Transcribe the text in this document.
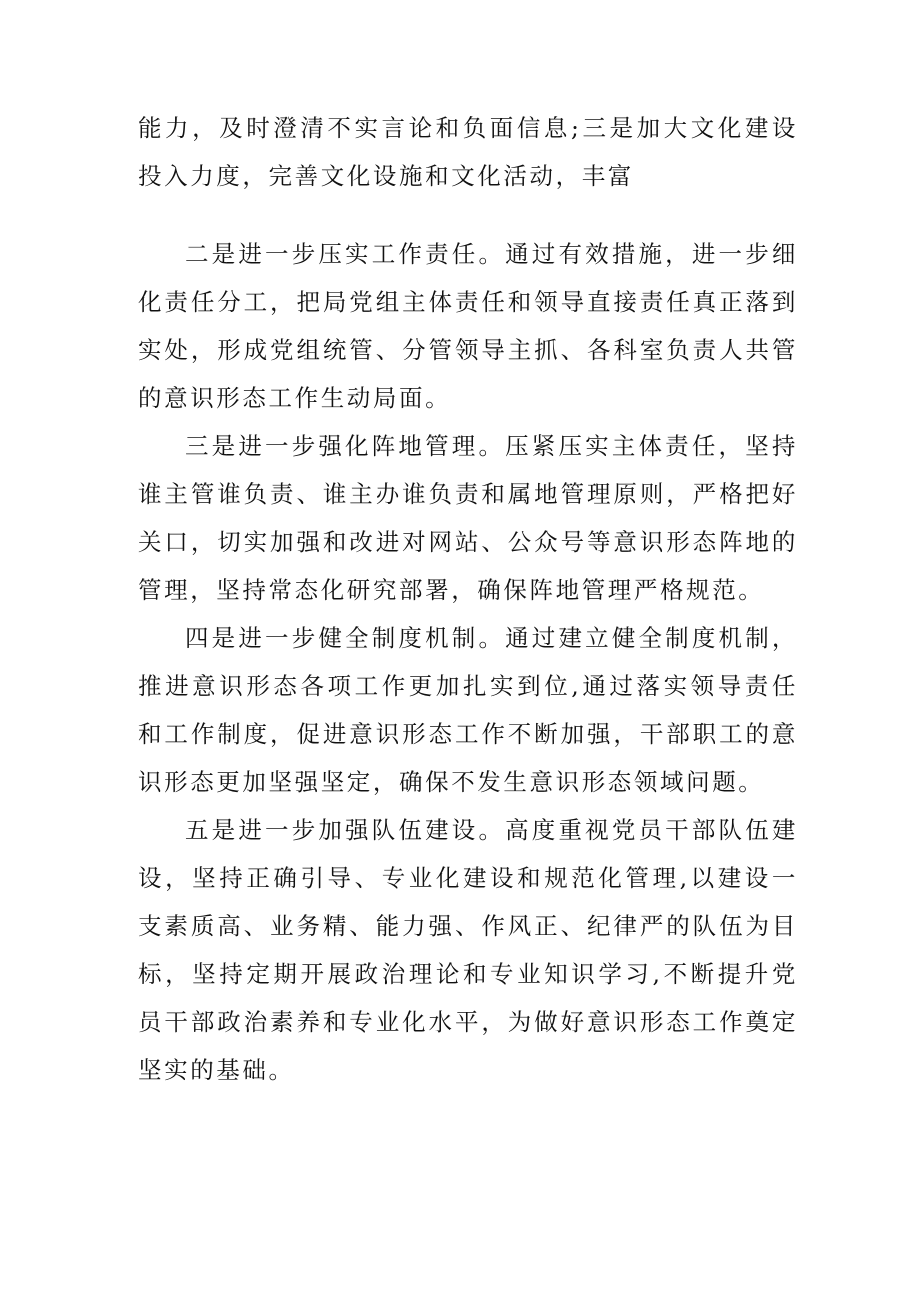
能力，及时澄清不实言论和负面信息;三是加大文化建设投入力度，完善文化设施和文化活动，丰富

二是进一步压实工作责任。通过有效措施，进一步细化责任分工，把局党组主体责任和领导直接责任真正落到实处，形成党组统管、分管领导主抓、各科室负责人共管的意识形态工作生动局面。

三是进一步强化阵地管理。压紧压实主体责任，坚持谁主管谁负责、谁主办谁负责和属地管理原则，严格把好关口，切实加强和改进对网站、公众号等意识形态阵地的管理，坚持常态化研究部署，确保阵地管理严格规范。

四是进一步健全制度机制。通过建立健全制度机制，推进意识形态各项工作更加扎实到位,通过落实领导责任和工作制度，促进意识形态工作不断加强，干部职工的意识形态更加坚强坚定，确保不发生意识形态领域问题。

五是进一步加强队伍建设。高度重视党员干部队伍建设，坚持正确引导、专业化建设和规范化管理,以建设一支素质高、业务精、能力强、作风正、纪律严的队伍为目标，坚持定期开展政治理论和专业知识学习,不断提升党员干部政治素养和专业化水平，为做好意识形态工作奠定坚实的基础。
